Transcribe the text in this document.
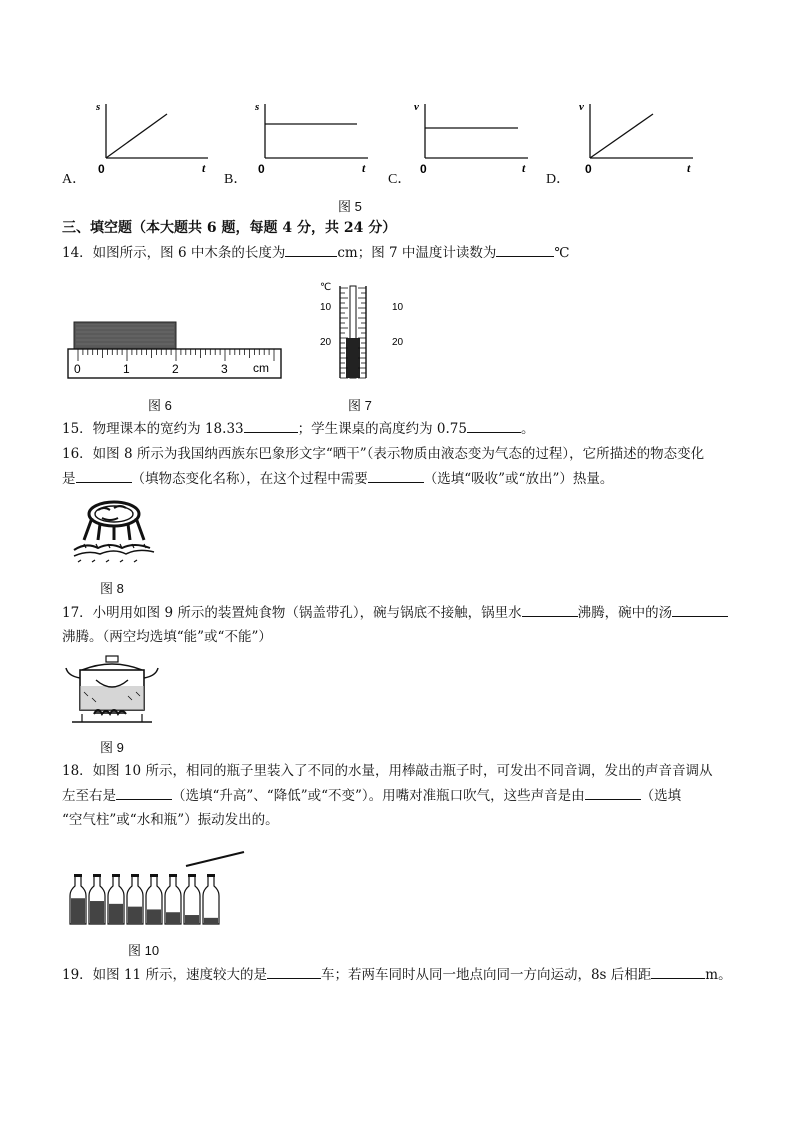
A．
s
0	t
B．
s
0	t
C．
v
0	t
D．
v
0	t
图 5
三、填空题（本大题共 6 题，每题 4 分，共 24 分）
14．如图所示，图 6 中木条的长度为	cm；图 7 中温度计读数为	℃
0	1	2	3 cm
图 6
℃
10
20
10
20
图 7
15．物理课本的宽约为 18.33	；学生课桌的高度约为 0.75	。
16．如图 8 所示为我国纳西族东巴象形文字“晒干”（表示物质由液态变为气态的过程），它所描述的物态变化
是	（填物态变化名称），在这个过程中需要	（选填“吸收”或“放出”）热量。
图 8
17．小明用如图 9 所示的装置炖食物（锅盖带孔），碗与锅底不接触，锅里水	沸腾，碗中的汤
沸腾。（两空均选填“能”或“不能”）
图 9
18．如图 10 所示，相同的瓶子里装入了不同的水量，用棒敲击瓶子时，可发出不同音调，发出的声音音调从
左至右是	（选填“升高”、“降低”或“不变”）。用嘴对准瓶口吹气，这些声音是由	（选填
“空气柱”或“水和瓶”）振动发出的。
图 10
19．如图 11 所示，速度较大的是	车；若两车同时从同一地点向同一方向运动，8s 后相距	m。
